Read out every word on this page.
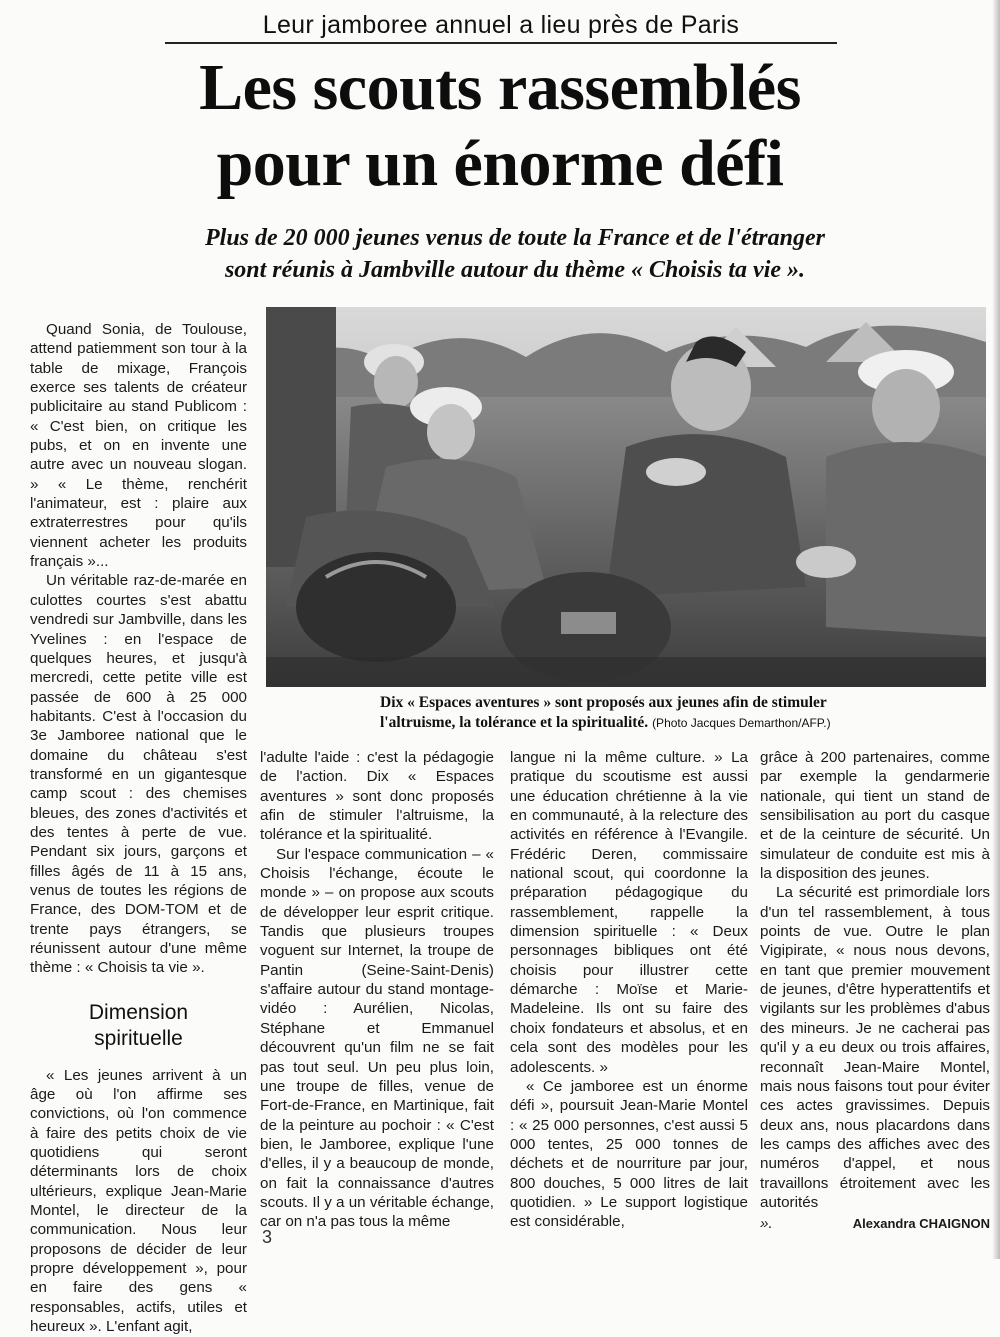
Leur jamboree annuel a lieu près de Paris
Les scouts rassemblés
pour un énorme défi
Plus de 20 000 jeunes venus de toute la France et de l'étranger
sont réunis à Jambville autour du thème « Choisis ta vie ».

Quand Sonia, de Toulouse, attend patiemment son tour à la table de mixage, François exerce ses talents de créateur publicitaire au stand Publicom : « C'est bien, on critique les pubs, et on en invente une autre avec un nouveau slogan. » « Le thème, renchérit l'animateur, est : plaire aux extraterrestres pour qu'ils viennent acheter les produits français »...

Un véritable raz-de-marée en culottes courtes s'est abattu vendredi sur Jambville, dans les Yvelines : en l'espace de quelques heures, et jusqu'à mercredi, cette petite ville est passée de 600 à 25 000 habitants. C'est à l'occasion du 3e Jamboree national que le domaine du château s'est transformé en un gigantesque camp scout : des chemises bleues, des zones d'activités et des tentes à perte de vue. Pendant six jours, garçons et filles âgés de 11 à 15 ans, venus de toutes les régions de France, des DOM-TOM et de trente pays étrangers, se réunissent autour d'une même thème : « Choisis ta vie ».

Dimension
spirituelle

« Les jeunes arrivent à un âge où l'on affirme ses convictions, où l'on commence à faire des petits choix de vie quotidiens qui seront déterminants lors de choix ultérieurs, explique Jean-Marie Montel, le directeur de la communication. Nous leur proposons de décider de leur propre développement », pour en faire des gens « responsables, actifs, utiles et heureux ». L'enfant agit,

Dix « Espaces aventures » sont proposés aux jeunes afin de stimuler
l'altruisme, la tolérance et la spiritualité. (Photo Jacques Demarthon/AFP.)

l'adulte l'aide : c'est la pédagogie de l'action. Dix « Espaces aventures » sont donc proposés afin de stimuler l'altruisme, la tolérance et la spiritualité.

Sur l'espace communication – « Choisis l'échange, écoute le monde » – on propose aux scouts de développer leur esprit critique. Tandis que plusieurs troupes voguent sur Internet, la troupe de Pantin (Seine-Saint-Denis) s'affaire autour du stand montage-vidéo : Aurélien, Nicolas, Stéphane et Emmanuel découvrent qu'un film ne se fait pas tout seul. Un peu plus loin, une troupe de filles, venue de Fort-de-France, en Martinique, fait de la peinture au pochoir : « C'est bien, le Jamboree, explique l'une d'elles, il y a beaucoup de monde, on fait la connaissance d'autres scouts. Il y a un véritable échange, car on n'a pas tous la même

langue ni la même culture. » La pratique du scoutisme est aussi une éducation chrétienne à la vie en communauté, à la relecture des activités en référence à l'Evangile. Frédéric Deren, commissaire national scout, qui coordonne la préparation pédagogique du rassemblement, rappelle la dimension spirituelle : « Deux personnages bibliques ont été choisis pour illustrer cette démarche : Moïse et Marie-Madeleine. Ils ont su faire des choix fondateurs et absolus, et en cela sont des modèles pour les adolescents. »

« Ce jamboree est un énorme défi », poursuit Jean-Marie Montel : « 25 000 personnes, c'est aussi 5 000 tentes, 25 000 tonnes de déchets et de nourriture par jour, 800 douches, 5 000 litres de lait quotidien. » Le support logistique est considérable,

grâce à 200 partenaires, comme par exemple la gendarmerie nationale, qui tient un stand de sensibilisation au port du casque et de la ceinture de sécurité. Un simulateur de conduite est mis à la disposition des jeunes.

La sécurité est primordiale lors d'un tel rassemblement, à tous points de vue. Outre le plan Vigipirate, « nous nous devons, en tant que premier mouvement de jeunes, d'être hyperattentifs et vigilants sur les problèmes d'abus des mineurs. Je ne cacherai pas qu'il y a eu deux ou trois affaires, reconnaît Jean-Maire Montel, mais nous faisons tout pour éviter ces actes gravissimes. Depuis deux ans, nous placardons dans les camps des affiches avec des numéros d'appel, et nous travaillons étroitement avec les autorités

».	Alexandra CHAIGNON
3
